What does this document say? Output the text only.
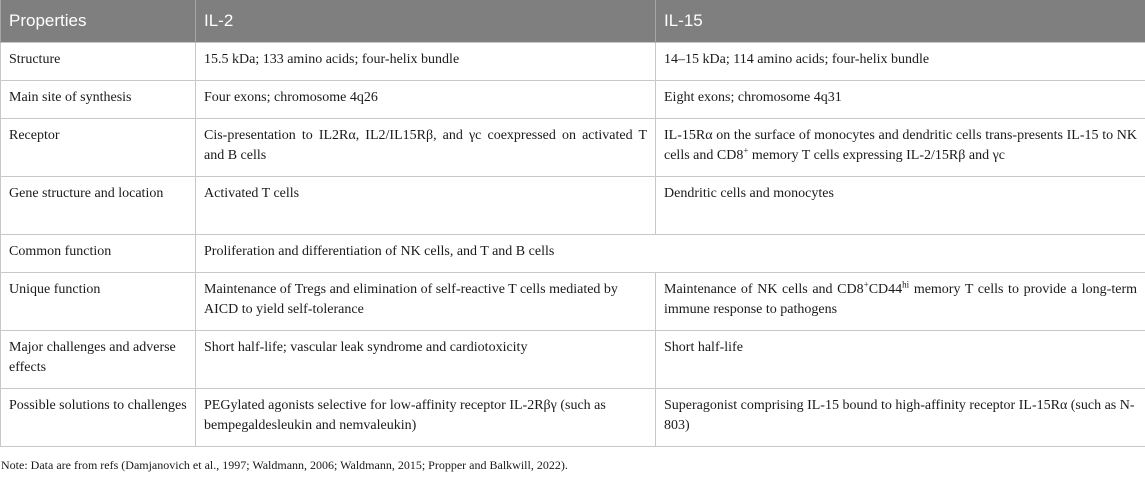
Properties	IL-2	IL-15
Structure	15.5 kDa; 133 amino acids; four-helix bundle	14–15 kDa; 114 amino acids; four-helix bundle
Main site of synthesis	Four exons; chromosome 4q26	Eight exons; chromosome 4q31
Receptor	Cis-presentation to IL2Rα, IL2/IL15Rβ, and γc coexpressed on activated T and B cells	IL-15Rα on the surface of monocytes and dendritic cells trans-presents IL-15 to NK cells and CD8+ memory T cells expressing IL-2/15Rβ and γc
Gene structure and location	Activated T cells	Dendritic cells and monocytes
Common function	Proliferation and differentiation of NK cells, and T and B cells	
Unique function	Maintenance of Tregs and elimination of self-reactive T cells mediated by AICD to yield self-tolerance	Maintenance of NK cells and $CD8^+CD44^{hi}$ memory T cells to provide a long-term immune response to pathogens
Major challenges and adverse effects	Short half-life; vascular leak syndrome and cardiotoxicity	Short half-life
Possible solutions to challenges	PEGylated agonists selective for low-affinity receptor IL-2Rβγ (such as bempegaldesleukin and nemvaleukin)	Superagonist comprising IL-15 bound to high-affinity receptor IL-15Rα (such as N-803)
Note: Data are from refs (Damjanovich et al., 1997; Waldmann, 2006; Waldmann, 2015; Propper and Balkwill, 2022).
